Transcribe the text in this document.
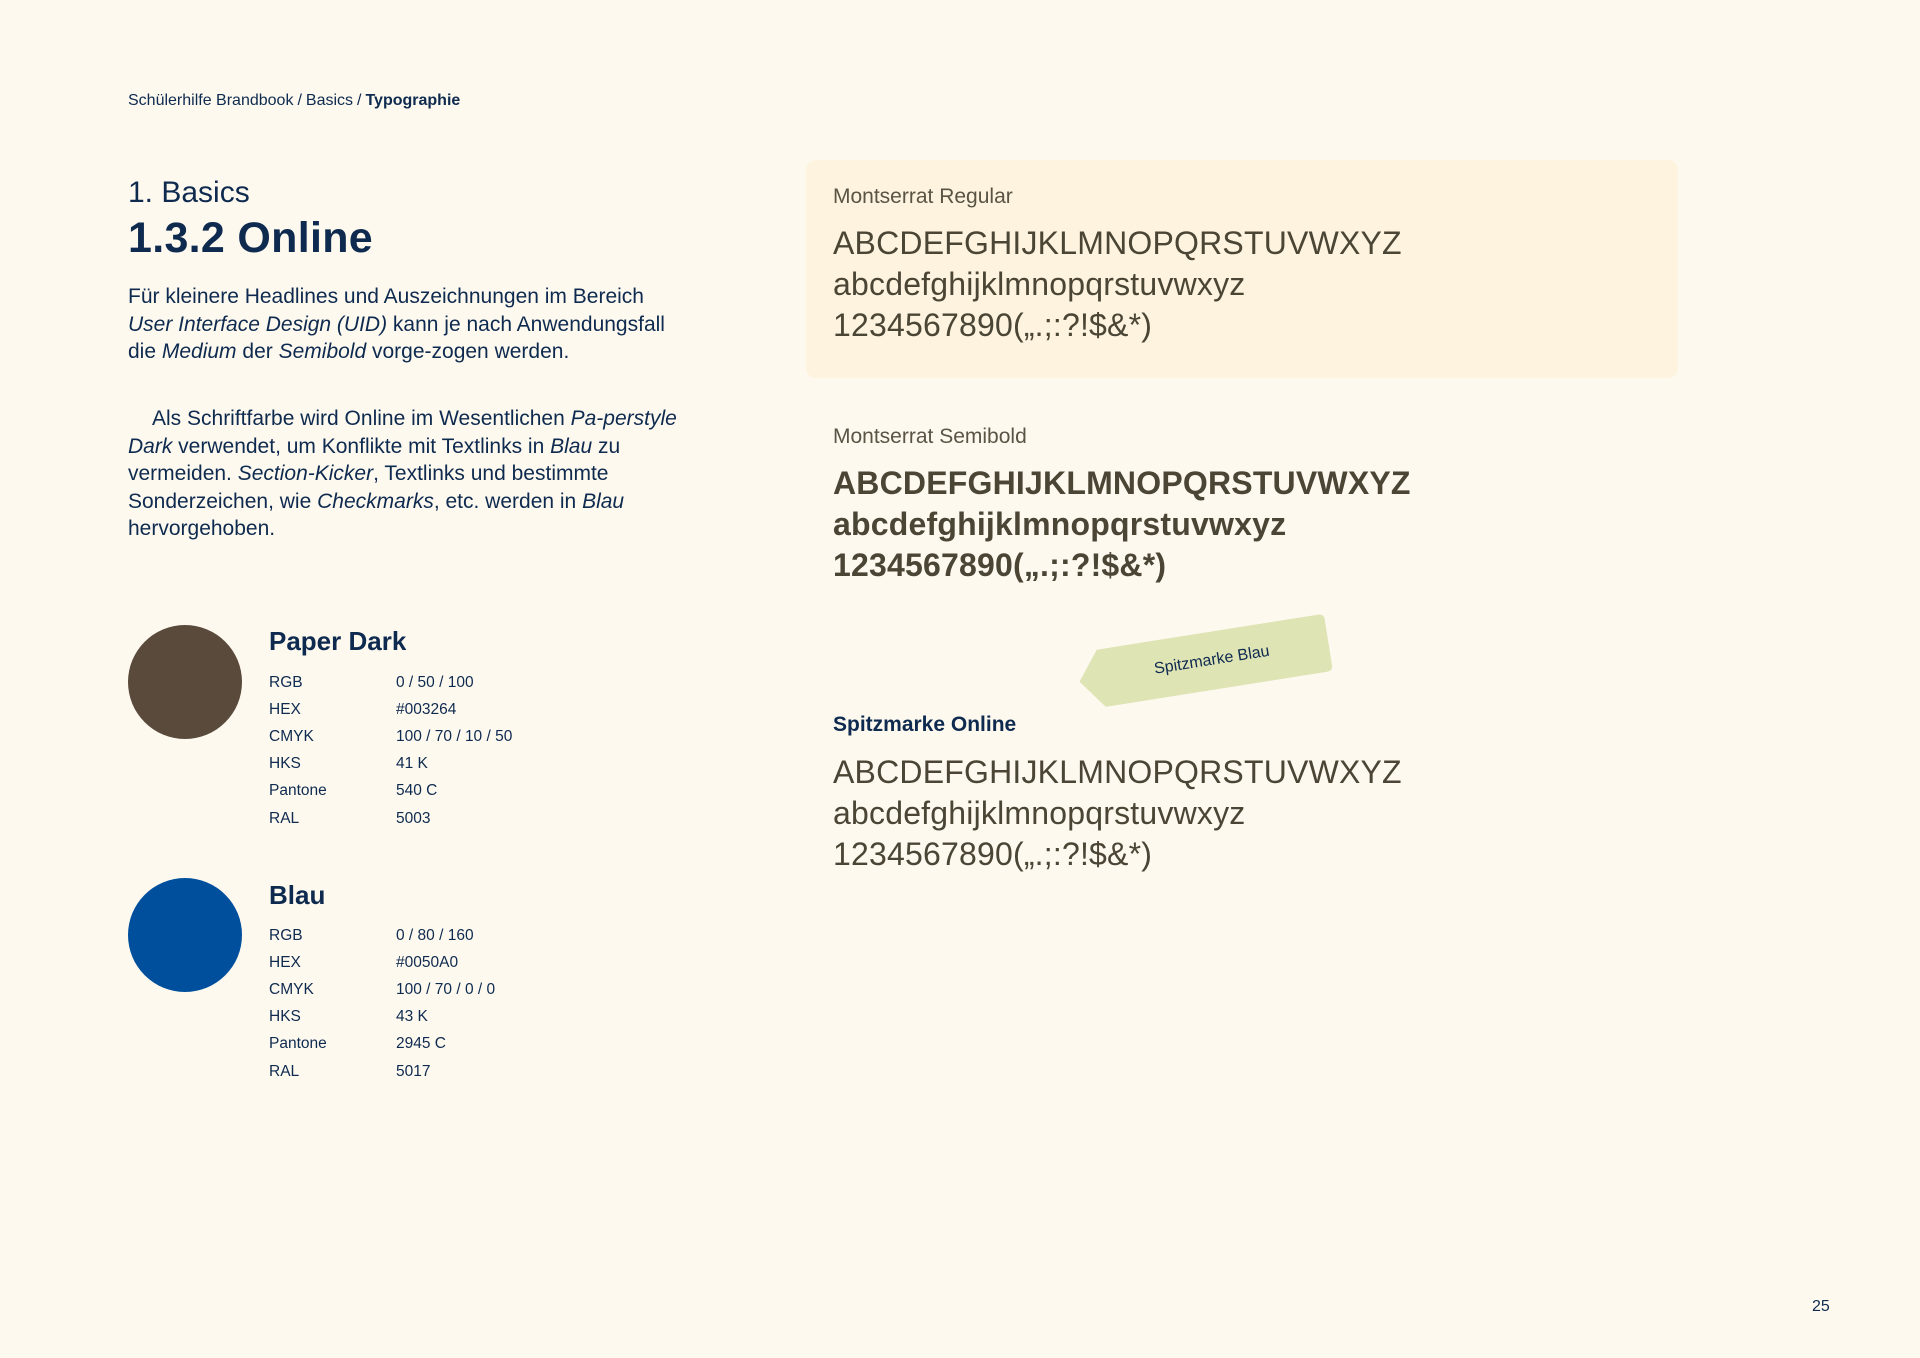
Schülerhilfe Brandbook / Basics / Typographie
1. Basics
1.3.2 Online
Für kleinere Headlines und Auszeichnungen im Bereich User Interface Design (UID) kann je nach Anwendungsfall die Medium der Semibold vorge-zogen werden.
Als Schriftfarbe wird Online im Wesentlichen Pa-perstyle Dark verwendet, um Konflikte mit Textlinks in Blau zu vermeiden. Section-Kicker, Textlinks und bestimmte Sonderzeichen, wie Checkmarks, etc. werden in Blau hervorgehoben.
Paper Dark
RGB	0 / 50 / 100
HEX	#003264
CMYK	100 / 70 / 10 / 50
HKS	41 K
Pantone	540 C
RAL	5003
Blau
RGB	0 / 80 / 160
HEX	#0050A0
CMYK	100 / 70 / 0 / 0
HKS	43 K
Pantone	2945 C
RAL	5017
Montserrat Regular
ABCDEFGHIJKLMNOPQRSTUVWXYZ
abcdefghijklmnopqrstuvwxyz
1234567890(„.;:?!$&*)
Montserrat Semibold
ABCDEFGHIJKLMNOPQRSTUVWXYZ
abcdefghijklmnopqrstuvwxyz
1234567890(„.;:?!$&*)
Spitzmarke Blau
Spitzmarke Online
ABCDEFGHIJKLMNOPQRSTUVWXYZ
abcdefghijklmnopqrstuvwxyz
1234567890(„.;:?!$&*)
25
